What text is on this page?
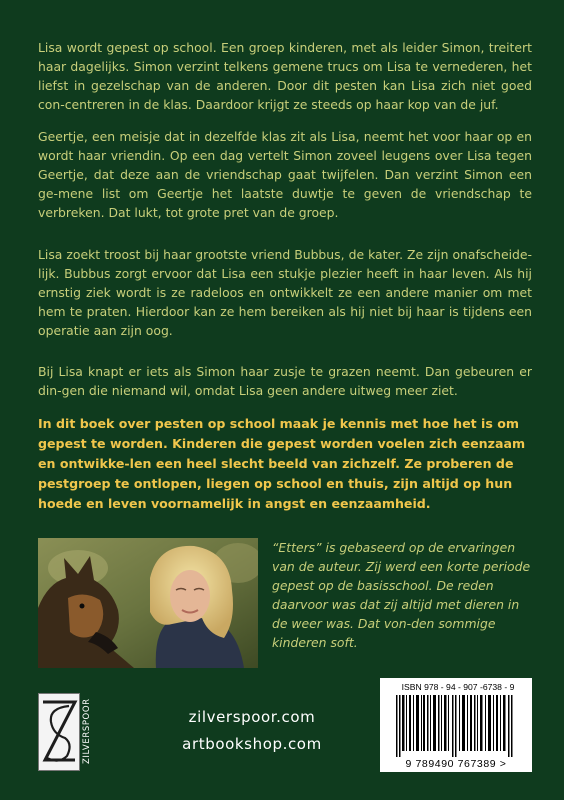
Lisa wordt gepest op school. Een groep kinderen, met als leider Simon, treitert haar dagelijks. Simon verzint telkens gemene trucs om Lisa te vernederen, het liefst in gezelschap van de anderen. Door dit pesten kan Lisa zich niet goed con-centreren in de klas. Daardoor krijgt ze steeds op haar kop van de juf.

Geertje, een meisje dat in dezelfde klas zit als Lisa, neemt het voor haar op en wordt haar vriendin. Op een dag vertelt Simon zoveel leugens over Lisa tegen Geertje, dat deze aan de vriendschap gaat twijfelen. Dan verzint Simon een ge-mene list om Geertje het laatste duwtje te geven de vriendschap te verbreken. Dat lukt, tot grote pret van de groep.

Lisa zoekt troost bij haar grootste vriend Bubbus, de kater. Ze zijn onafscheide-lijk. Bubbus zorgt ervoor dat Lisa een stukje plezier heeft in haar leven. Als hij ernstig ziek wordt is ze radeloos en ontwikkelt ze een andere manier om met hem te praten. Hierdoor kan ze hem bereiken als hij niet bij haar is tijdens een operatie aan zijn oog.

Bij Lisa knapt er iets als Simon haar zusje te grazen neemt. Dan gebeuren er din-gen die niemand wil, omdat Lisa geen andere uitweg meer ziet.

In dit boek over pesten op school maak je kennis met hoe het is om gepest te worden. Kinderen die gepest worden voelen zich eenzaam en ontwikke-len een heel slecht beeld van zichzelf. Ze proberen de pestgroep te ontlopen, liegen op school en thuis, zijn altijd op hun hoede en leven voornamelijk in angst en eenzaamheid.

“Etters” is gebaseerd op de ervaringen van de auteur. Zij werd een korte periode gepest op de basisschool. De reden daarvoor was dat zij altijd met dieren in de weer was. Dat von-den sommige kinderen soft.

ZILVERSPOOR	zilverspoor.com
artbookshop.com
ISBN 978 - 94 - 907 -6738 - 9
9 789490 767389 >
